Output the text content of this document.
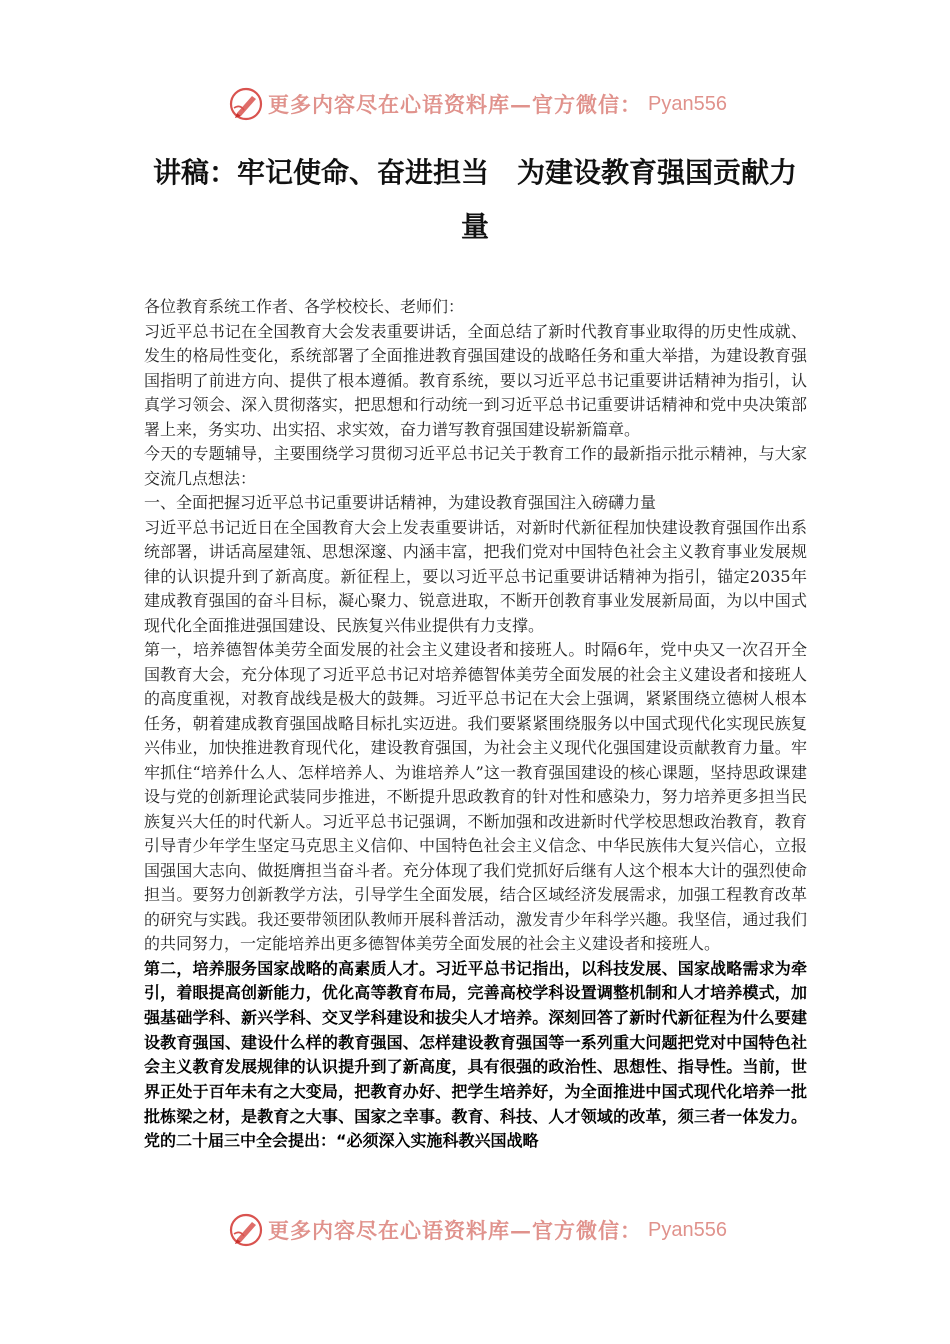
更多内容尽在心语资料库—官方微信： Pyan556
讲稿：牢记使命、奋进担当　为建设教育强国贡献力量

各位教育系统工作者、各学校校长、老师们：

习近平总书记在全国教育大会发表重要讲话，全面总结了新时代教育事业取得的历史性成就、发生的格局性变化，系统部署了全面推进教育强国建设的战略任务和重大举措，为建设教育强国指明了前进方向、提供了根本遵循。教育系统，要以习近平总书记重要讲话精神为指引，认真学习领会、深入贯彻落实，把思想和行动统一到习近平总书记重要讲话精神和党中央决策部署上来，务实功、出实招、求实效，奋力谱写教育强国建设崭新篇章。

今天的专题辅导，主要围绕学习贯彻习近平总书记关于教育工作的最新指示批示精神，与大家交流几点想法：

一、全面把握习近平总书记重要讲话精神，为建设教育强国注入磅礴力量

习近平总书记近日在全国教育大会上发表重要讲话，对新时代新征程加快建设教育强国作出系统部署，讲话高屋建瓴、思想深邃、内涵丰富，把我们党对中国特色社会主义教育事业发展规律的认识提升到了新高度。新征程上，要以习近平总书记重要讲话精神为指引，锚定2035年建成教育强国的奋斗目标，凝心聚力、锐意进取，不断开创教育事业发展新局面，为以中国式现代化全面推进强国建设、民族复兴伟业提供有力支撑。

第一，培养德智体美劳全面发展的社会主义建设者和接班人。时隔6年，党中央又一次召开全国教育大会，充分体现了习近平总书记对培养德智体美劳全面发展的社会主义建设者和接班人的高度重视，对教育战线是极大的鼓舞。习近平总书记在大会上强调，紧紧围绕立德树人根本任务，朝着建成教育强国战略目标扎实迈进。我们要紧紧围绕服务以中国式现代化实现民族复兴伟业，加快推进教育现代化，建设教育强国，为社会主义现代化强国建设贡献教育力量。牢牢抓住“培养什么人、怎样培养人、为谁培养人”这一教育强国建设的核心课题，坚持思政课建设与党的创新理论武装同步推进，不断提升思政教育的针对性和感染力，努力培养更多担当民族复兴大任的时代新人。习近平总书记强调，不断加强和改进新时代学校思想政治教育，教育引导青少年学生坚定马克思主义信仰、中国特色社会主义信念、中华民族伟大复兴信心，立报国强国大志向、做挺膺担当奋斗者。充分体现了我们党抓好后继有人这个根本大计的强烈使命担当。要努力创新教学方法，引导学生全面发展，结合区域经济发展需求，加强工程教育改革的研究与实践。我还要带领团队教师开展科普活动，激发青少年科学兴趣。我坚信，通过我们的共同努力，一定能培养出更多德智体美劳全面发展的社会主义建设者和接班人。

第二，培养服务国家战略的高素质人才。习近平总书记指出，以科技发展、国家战略需求为牵引，着眼提高创新能力，优化高等教育布局，完善高校学科设置调整机制和人才培养模式，加强基础学科、新兴学科、交叉学科建设和拔尖人才培养。深刻回答了新时代新征程为什么要建设教育强国、建设什么样的教育强国、怎样建设教育强国等一系列重大问题把党对中国特色社会主义教育发展规律的认识提升到了新高度，具有很强的政治性、思想性、指导性。当前，世界正处于百年未有之大变局，把教育办好、把学生培养好，为全面推进中国式现代化培养一批批栋梁之材，是教育之大事、国家之幸事。教育、科技、人才领域的改革，须三者一体发力。党的二十届三中全会提出：“必须深入实施科教兴国战略

更多内容尽在心语资料库—官方微信： Pyan556
